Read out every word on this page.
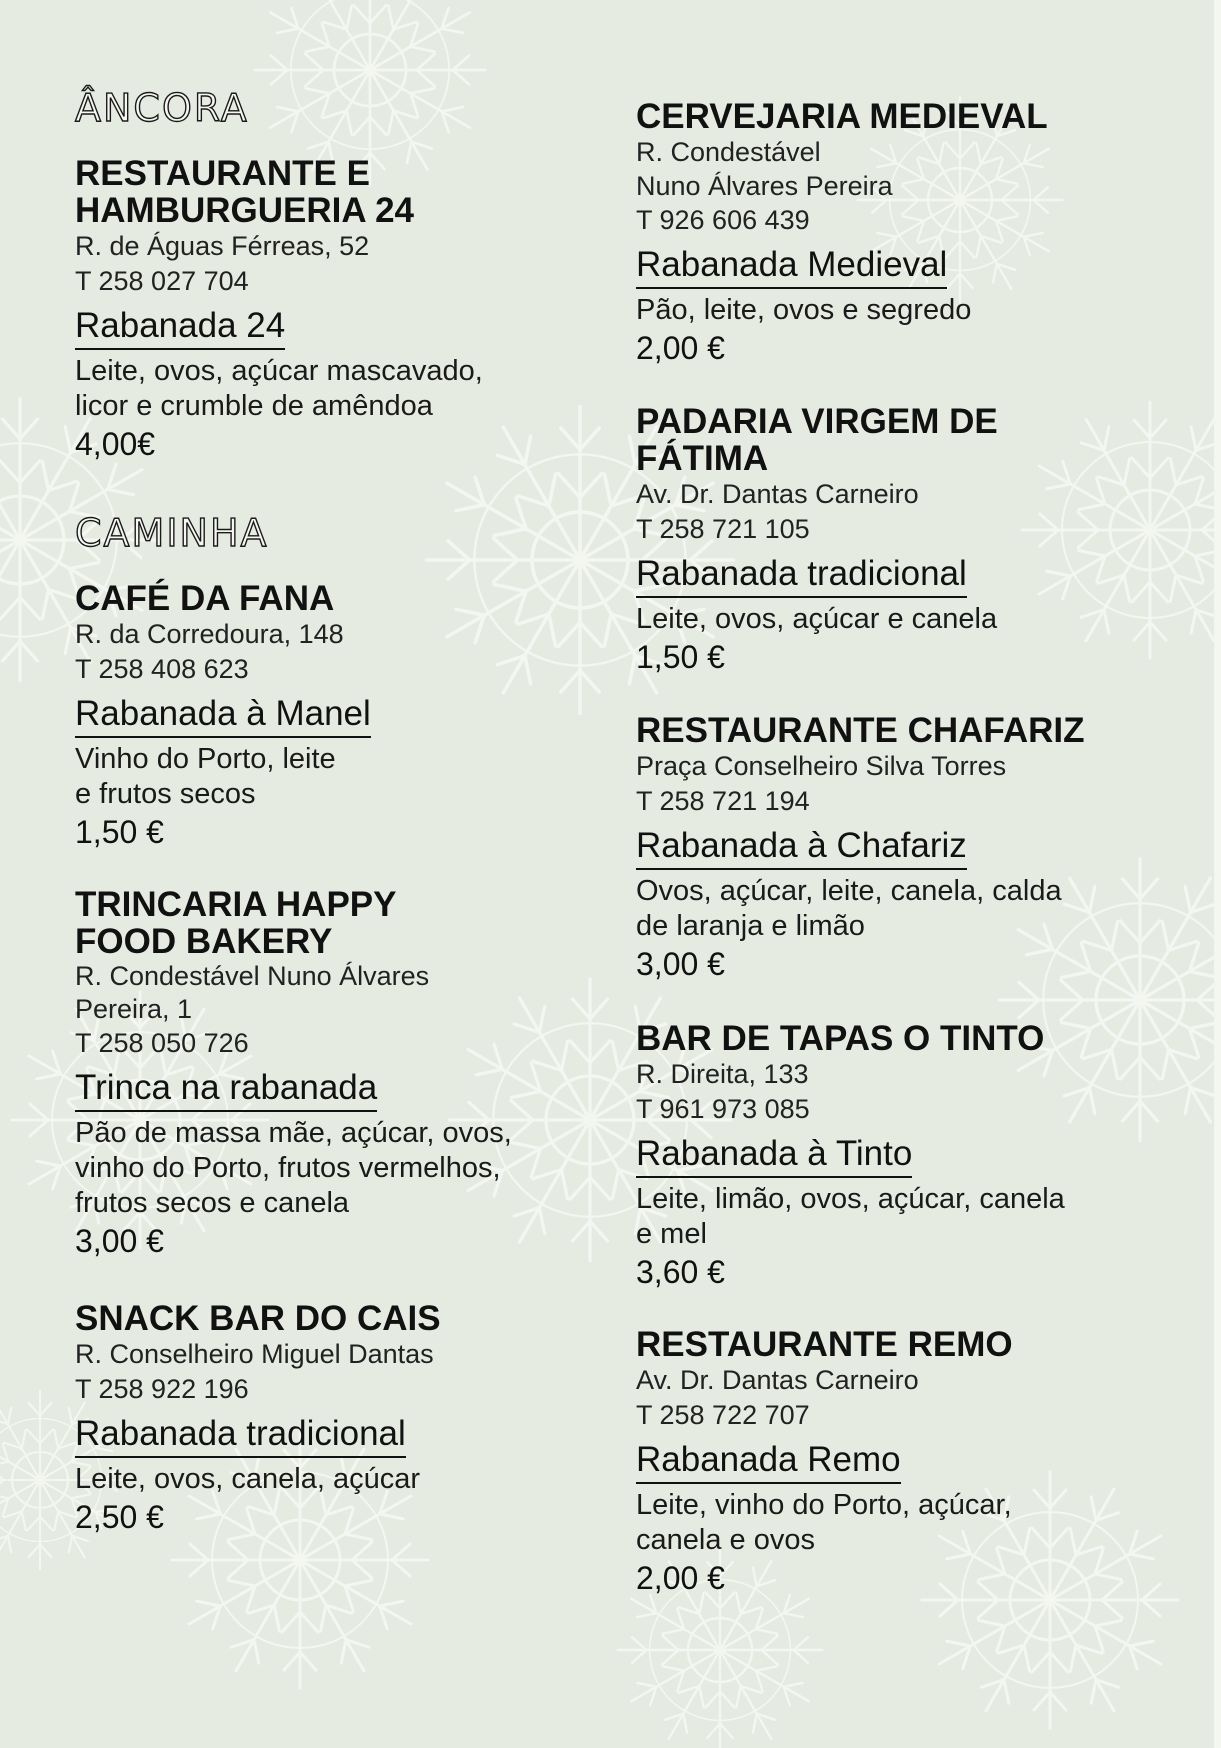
ÂNCORA
RESTAURANTE E
HAMBURGUERIA 24
R. de Águas Férreas, 52
T 258 027 704
Rabanada 24
Leite, ovos, açúcar mascavado,
licor e crumble de amêndoa
4,00€
CAMINHA
CAFÉ DA FANA
R. da Corredoura, 148
T 258 408 623
Rabanada à Manel
Vinho do Porto, leite
e frutos secos
1,50 €
TRINCARIA HAPPY
FOOD BAKERY
R. Condestável Nuno Álvares
Pereira, 1
T 258 050 726
Trinca na rabanada
Pão de massa mãe, açúcar, ovos,
vinho do Porto, frutos vermelhos,
frutos secos e canela
3,00 €
SNACK BAR DO CAIS
R. Conselheiro Miguel Dantas
T 258 922 196
Rabanada tradicional
Leite, ovos, canela, açúcar
2,50 €
CERVEJARIA MEDIEVAL
R. Condestável
Nuno Álvares Pereira
T 926 606 439
Rabanada Medieval
Pão, leite, ovos e segredo
2,00 €
PADARIA VIRGEM DE
FÁTIMA
Av. Dr. Dantas Carneiro
T 258 721 105
Rabanada tradicional
Leite, ovos, açúcar e canela
1,50 €
RESTAURANTE CHAFARIZ
Praça Conselheiro Silva Torres
T 258 721 194
Rabanada à Chafariz
Ovos, açúcar, leite, canela, calda
de laranja e limão
3,00 €
BAR DE TAPAS O TINTO
R. Direita, 133
T 961 973 085
Rabanada à Tinto
Leite, limão, ovos, açúcar, canela
e mel
3,60 €
RESTAURANTE REMO
Av. Dr. Dantas Carneiro
T 258 722 707
Rabanada Remo
Leite, vinho do Porto, açúcar,
canela e ovos
2,00 €
